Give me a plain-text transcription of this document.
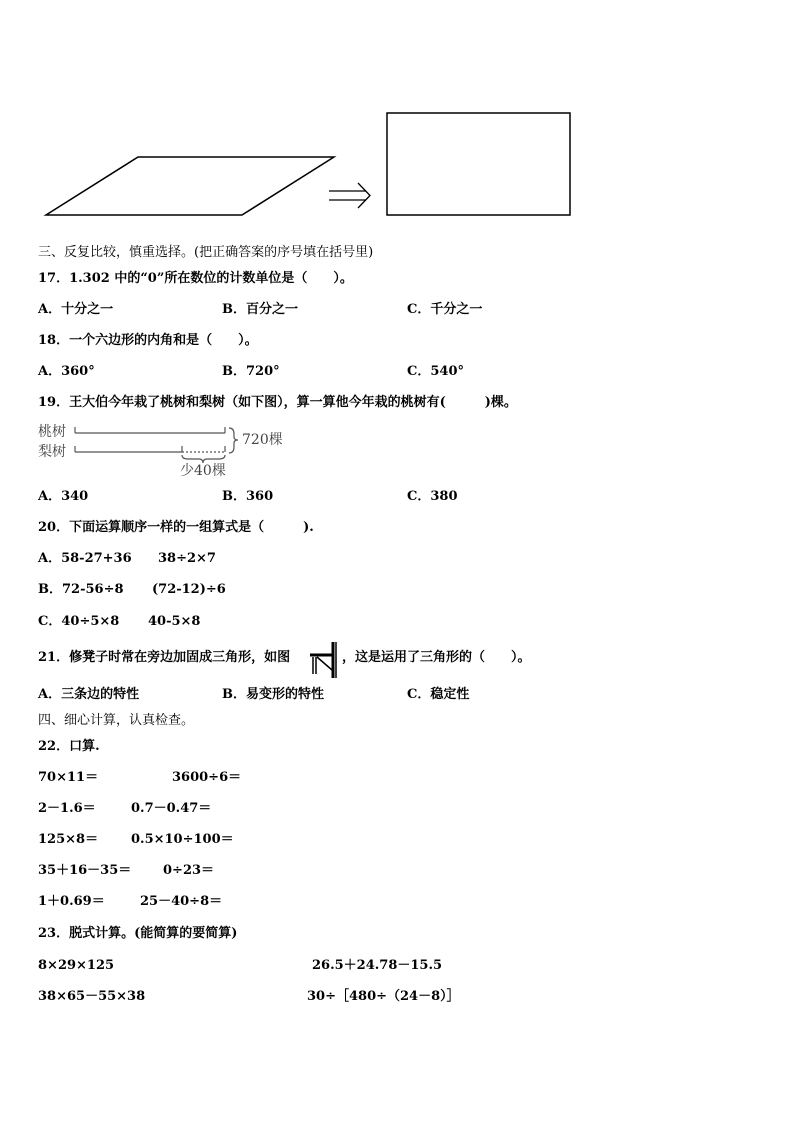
三、反复比较，慎重选择。(把正确答案的序号填在括号里)
17．1.302 中的“0”所在数位的计数单位是（　　）。
A．十分之一	B．百分之一	C．千分之一
18．一个六边形的内角和是（　　）。
A．360°	B．720°	C．540°
19．王大伯今年栽了桃树和梨树（如下图），算一算他今年栽的桃树有(　　　)棵。
桃树
梨树
720棵
少40棵
A．340	B．360	C．380
20．下面运算顺序一样的一组算式是（　　　).
A．58-27+36 38÷2×7
B．72-56÷8 (72-12)÷6
C．40÷5×8 40-5×8
21．修凳子时常在旁边加固成三角形，如图	，这是运用了三角形的（　　）。
A．三条边的特性	B．易变形的特性	C．稳定性
四、细心计算，认真检查。
22．口算.
70×11＝	3600÷6＝
2－1.6＝	0.7－0.47＝
125×8＝	0.5×10÷100＝
35＋16－35＝ 0÷23＝
1＋0.69＝	25－40÷8＝
23．脱式计算。(能简算的要简算)
8×29×125	26.5＋24.78－15.5
38×65－55×38	30÷［480÷（24－8）］
